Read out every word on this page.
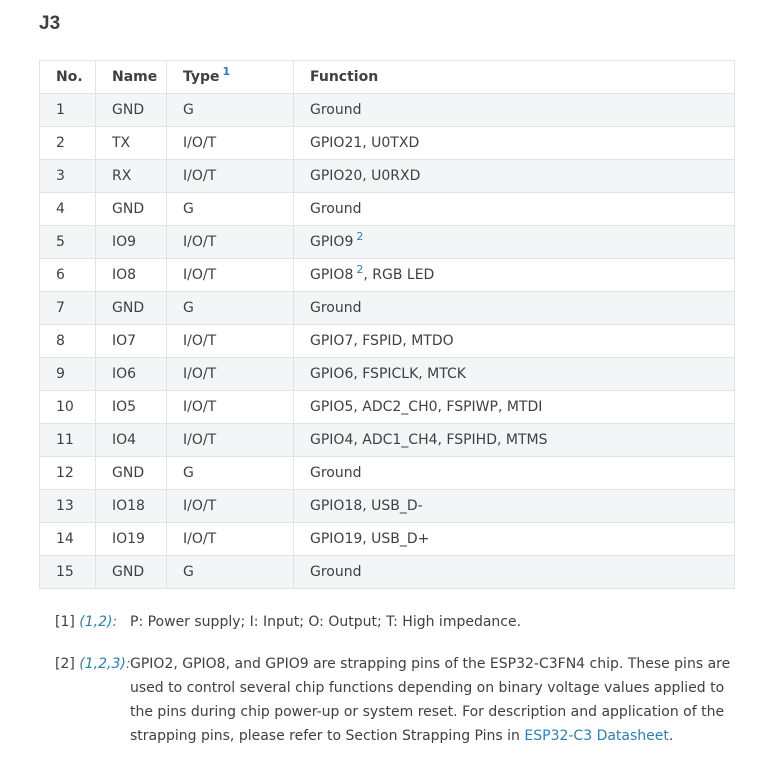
J3
No.	Name	Type $^1$	Function
1	GND	G	Ground
2	TX	I/O/T	GPIO21, U0TXD
3	RX	I/O/T	GPIO20, U0RXD
4	GND	G	Ground
5	IO9	I/O/T	GPIO9 $^2$
6	IO8	I/O/T	GPIO8 $^2$, RGB LED
7	GND	G	Ground
8	IO7	I/O/T	GPIO7, FSPID, MTDO
9	IO6	I/O/T	GPIO6, FSPICLK, MTCK
10	IO5	I/O/T	GPIO5, ADC2_CH0, FSPIWP, MTDI
11	IO4	I/O/T	GPIO4, ADC1_CH4, FSPIHD, MTMS
12	GND	G	Ground
13	IO18	I/O/T	GPIO18, USB_D-
14	IO19	I/O/T	GPIO19, USB_D+
15	GND	G	Ground
[1] (1,2): P: Power supply; I: Input; O: Output; T: High impedance.
[2] (1,2,3): GPIO2, GPIO8, and GPIO9 are strapping pins of the ESP32-C3FN4 chip. These pins are used to control several chip functions depending on binary voltage values applied to the pins during chip power-up or system reset. For description and application of the strapping pins, please refer to Section Strapping Pins in ESP32-C3 Datasheet.
